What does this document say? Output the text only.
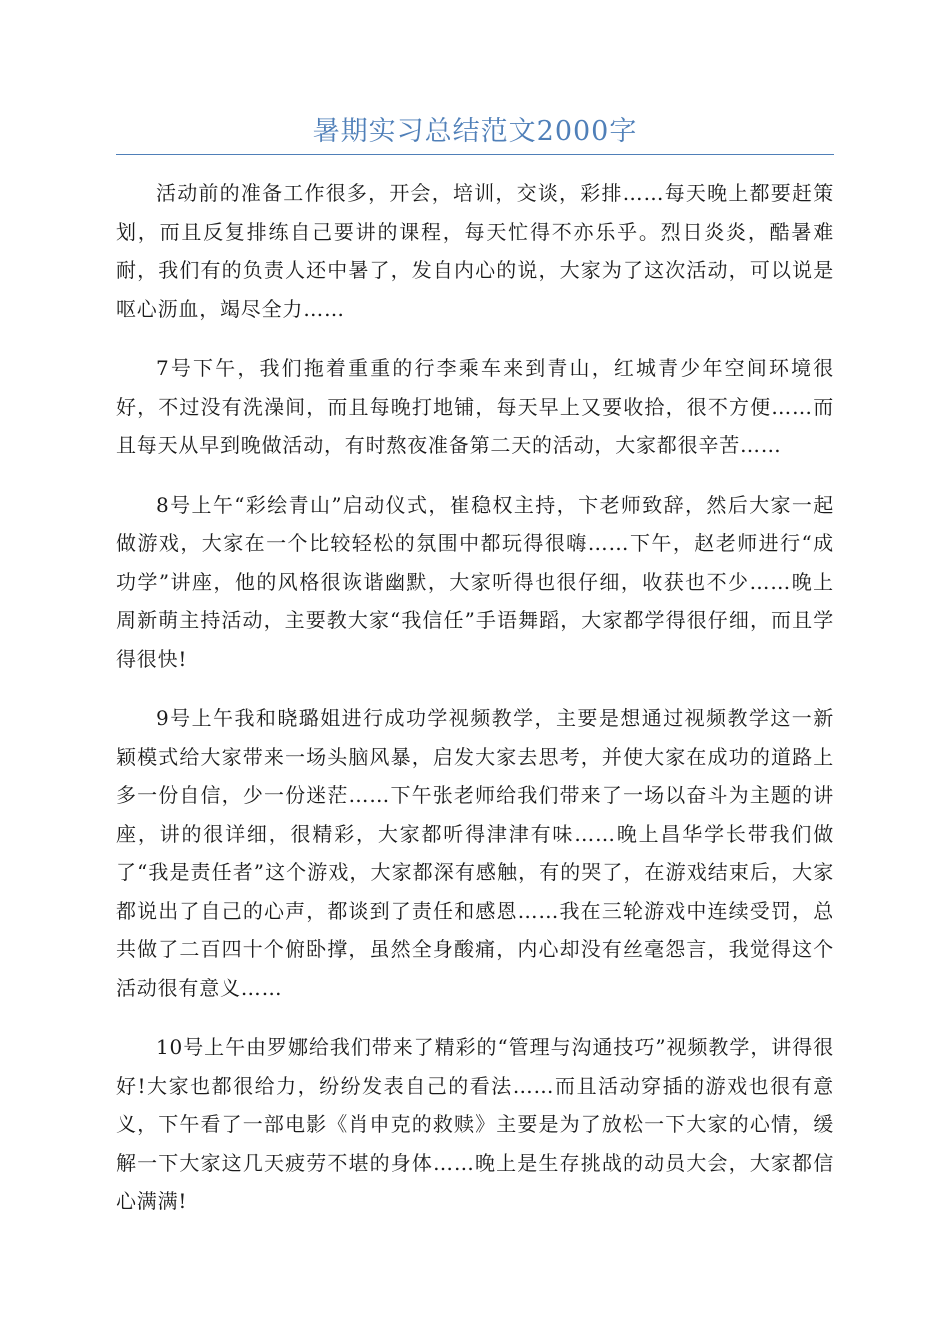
暑期实习总结范文2000字

活动前的准备工作很多，开会，培训，交谈，彩排……每天晚上都要赶策划，而且反复排练自己要讲的课程，每天忙得不亦乐乎。烈日炎炎，酷暑难耐，我们有的负责人还中暑了，发自内心的说，大家为了这次活动，可以说是呕心沥血，竭尽全力……

7号下午，我们拖着重重的行李乘车来到青山，红城青少年空间环境很好，不过没有洗澡间，而且每晚打地铺，每天早上又要收拾，很不方便……而且每天从早到晚做活动，有时熬夜准备第二天的活动，大家都很辛苦……

8号上午“彩绘青山”启动仪式，崔稳权主持，卞老师致辞，然后大家一起做游戏，大家在一个比较轻松的氛围中都玩得很嗨……下午，赵老师进行“成功学”讲座，他的风格很诙谐幽默，大家听得也很仔细，收获也不少……晚上周新萌主持活动，主要教大家“我信任”手语舞蹈，大家都学得很仔细，而且学得很快!

9号上午我和晓璐姐进行成功学视频教学，主要是想通过视频教学这一新颖模式给大家带来一场头脑风暴，启发大家去思考，并使大家在成功的道路上多一份自信，少一份迷茫……下午张老师给我们带来了一场以奋斗为主题的讲座，讲的很详细，很精彩，大家都听得津津有味……晚上昌华学长带我们做了“我是责任者”这个游戏，大家都深有感触，有的哭了，在游戏结束后，大家都说出了自己的心声，都谈到了责任和感恩……我在三轮游戏中连续受罚，总共做了二百四十个俯卧撑，虽然全身酸痛，内心却没有丝毫怨言，我觉得这个活动很有意义……

10号上午由罗娜给我们带来了精彩的“管理与沟通技巧”视频教学，讲得很好!大家也都很给力，纷纷发表自己的看法……而且活动穿插的游戏也很有意义，下午看了一部电影《肖申克的救赎》主要是为了放松一下大家的心情，缓解一下大家这几天疲劳不堪的身体……晚上是生存挑战的动员大会，大家都信心满满!
